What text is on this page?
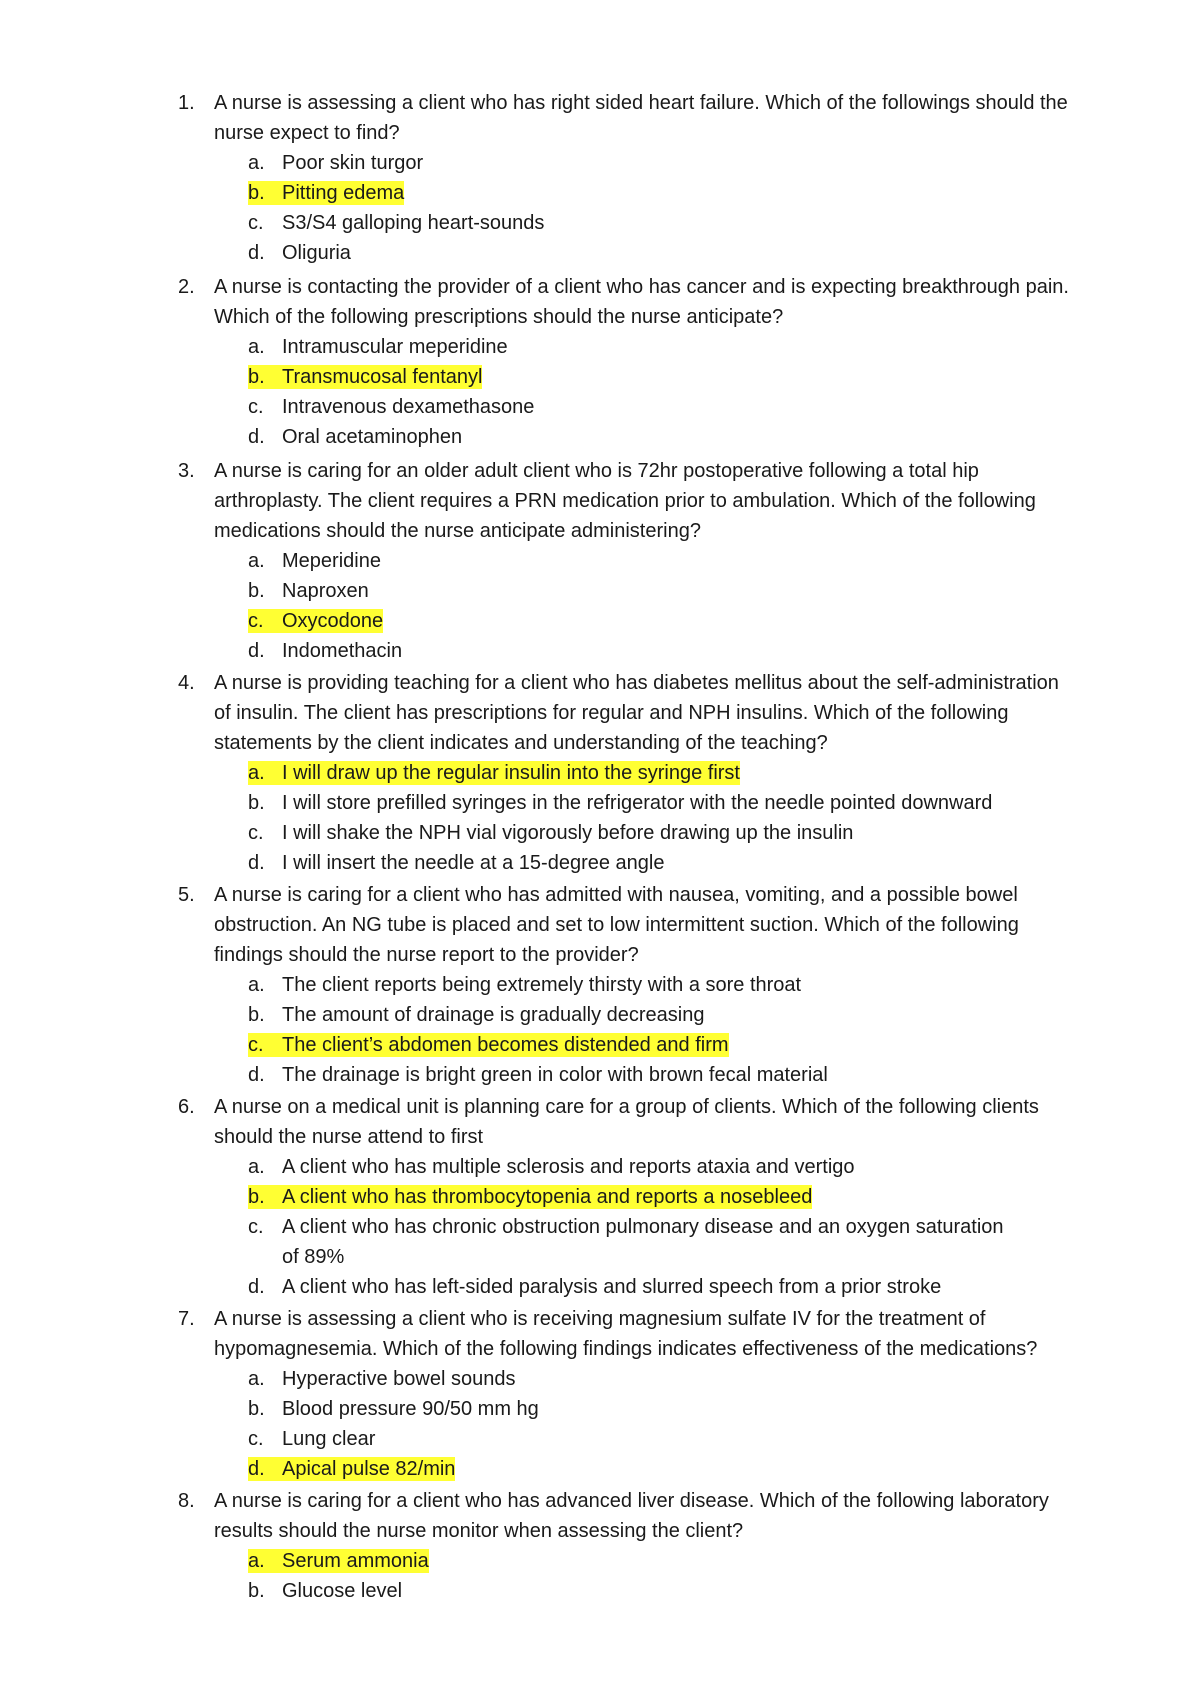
1. A nurse is assessing a client who has right sided heart failure. Which of the followings should the nurse expect to find?
a. Poor skin turgor
b. Pitting edema
c. S3/S4 galloping heart-sounds
d. Oliguria
2. A nurse is contacting the provider of a client who has cancer and is expecting breakthrough pain. Which of the following prescriptions should the nurse anticipate?
a. Intramuscular meperidine
b. Transmucosal fentanyl
c. Intravenous dexamethasone
d. Oral acetaminophen
3. A nurse is caring for an older adult client who is 72hr postoperative following a total hip arthroplasty. The client requires a PRN medication prior to ambulation. Which of the following medications should the nurse anticipate administering?
a. Meperidine
b. Naproxen
c. Oxycodone
d. Indomethacin
4. A nurse is providing teaching for a client who has diabetes mellitus about the self-administration of insulin. The client has prescriptions for regular and NPH insulins. Which of the following statements by the client indicates and understanding of the teaching?
a. I will draw up the regular insulin into the syringe first
b. I will store prefilled syringes in the refrigerator with the needle pointed downward
c. I will shake the NPH vial vigorously before drawing up the insulin
d. I will insert the needle at a 15-degree angle
5. A nurse is caring for a client who has admitted with nausea, vomiting, and a possible bowel obstruction. An NG tube is placed and set to low intermittent suction. Which of the following findings should the nurse report to the provider?
a. The client reports being extremely thirsty with a sore throat
b. The amount of drainage is gradually decreasing
c. The client’s abdomen becomes distended and firm
d. The drainage is bright green in color with brown fecal material
6. A nurse on a medical unit is planning care for a group of clients. Which of the following clients should the nurse attend to first
a. A client who has multiple sclerosis and reports ataxia and vertigo
b. A client who has thrombocytopenia and reports a nosebleed
c. A client who has chronic obstruction pulmonary disease and an oxygen saturation of 89%
d. A client who has left-sided paralysis and slurred speech from a prior stroke
7. A nurse is assessing a client who is receiving magnesium sulfate IV for the treatment of hypomagnesemia. Which of the following findings indicates effectiveness of the medications?
a. Hyperactive bowel sounds
b. Blood pressure 90/50 mm hg
c. Lung clear
d. Apical pulse 82/min
8. A nurse is caring for a client who has advanced liver disease. Which of the following laboratory results should the nurse monitor when assessing the client?
a. Serum ammonia
b. Glucose level
